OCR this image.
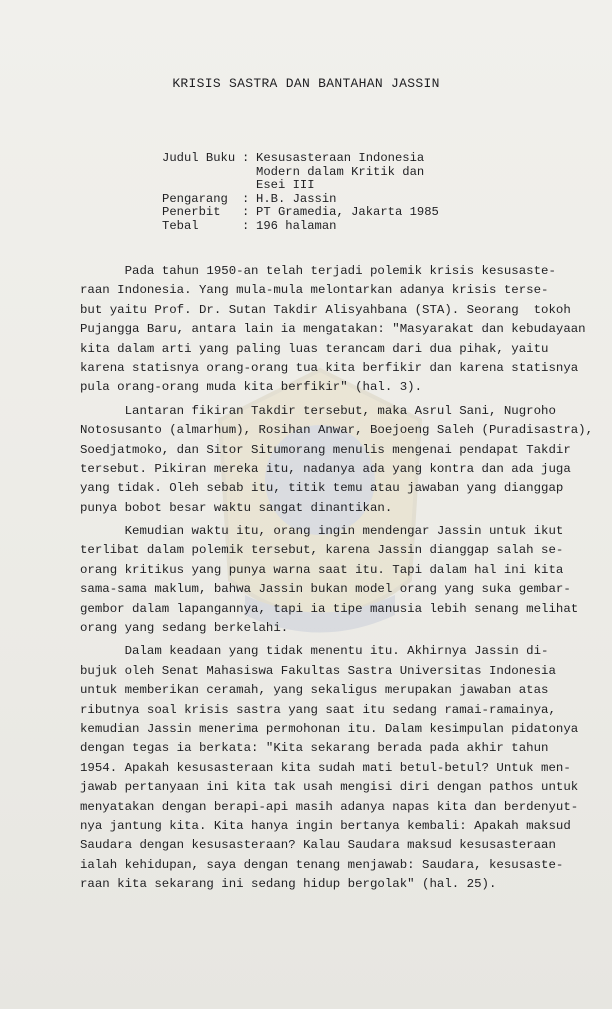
KRISIS SASTRA DAN BANTAHAN JASSIN
Judul Buku : Kesusasteraan Indonesia
Modern dalam Kritik dan
Esei III
Pengarang : H.B. Jassin
Penerbit : PT Gramedia, Jakarta 1985
Tebal : 196 halaman
Pada tahun 1950-an telah terjadi polemik krisis kesusaste-
raan Indonesia. Yang mula-mula melontarkan adanya krisis terse-
but yaitu Prof. Dr. Sutan Takdir Alisyahbana (STA). Seorang  tokoh
Pujangga Baru, antara lain ia mengatakan: "Masyarakat dan kebudayaan
kita dalam arti yang paling luas terancam dari dua pihak, yaitu
karena statisnya orang-orang tua kita berfikir dan karena statisnya
pula orang-orang muda kita berfikir" (hal. 3).
Lantaran fikiran Takdir tersebut, maka Asrul Sani, Nugroho
Notosusanto (almarhum), Rosihan Anwar, Boejoeng Saleh (Puradisastra),
Soedjatmoko, dan Sitor Situmorang menulis mengenai pendapat Takdir
tersebut. Pikiran mereka itu, nadanya ada yang kontra dan ada juga
yang tidak. Oleh sebab itu, titik temu atau jawaban yang dianggap
punya bobot besar waktu sangat dinantikan.
Kemudian waktu itu, orang ingin mendengar Jassin untuk ikut
terlibat dalam polemik tersebut, karena Jassin dianggap salah se-
orang kritikus yang punya warna saat itu. Tapi dalam hal ini kita
sama-sama maklum, bahwa Jassin bukan model orang yang suka gembar-
gembor dalam lapangannya, tapi ia tipe manusia lebih senang melihat
orang yang sedang berkelahi.
Dalam keadaan yang tidak menentu itu. Akhirnya Jassin di-
bujuk oleh Senat Mahasiswa Fakultas Sastra Universitas Indonesia
untuk memberikan ceramah, yang sekaligus merupakan jawaban atas
ributnya soal krisis sastra yang saat itu sedang ramai-ramainya,
kemudian Jassin menerima permohonan itu. Dalam kesimpulan pidatonya
dengan tegas ia berkata: "Kita sekarang berada pada akhir tahun
1954. Apakah kesusasteraan kita sudah mati betul-betul? Untuk men-
jawab pertanyaan ini kita tak usah mengisi diri dengan pathos untuk
menyatakan dengan berapi-api masih adanya napas kita dan berdenyut-
nya jantung kita. Kita hanya ingin bertanya kembali: Apakah maksud
Saudara dengan kesusasteraan? Kalau Saudara maksud kesusasteraan
ialah kehidupan, saya dengan tenang menjawab: Saudara, kesusaste-
raan kita sekarang ini sedang hidup bergolak" (hal. 25).
